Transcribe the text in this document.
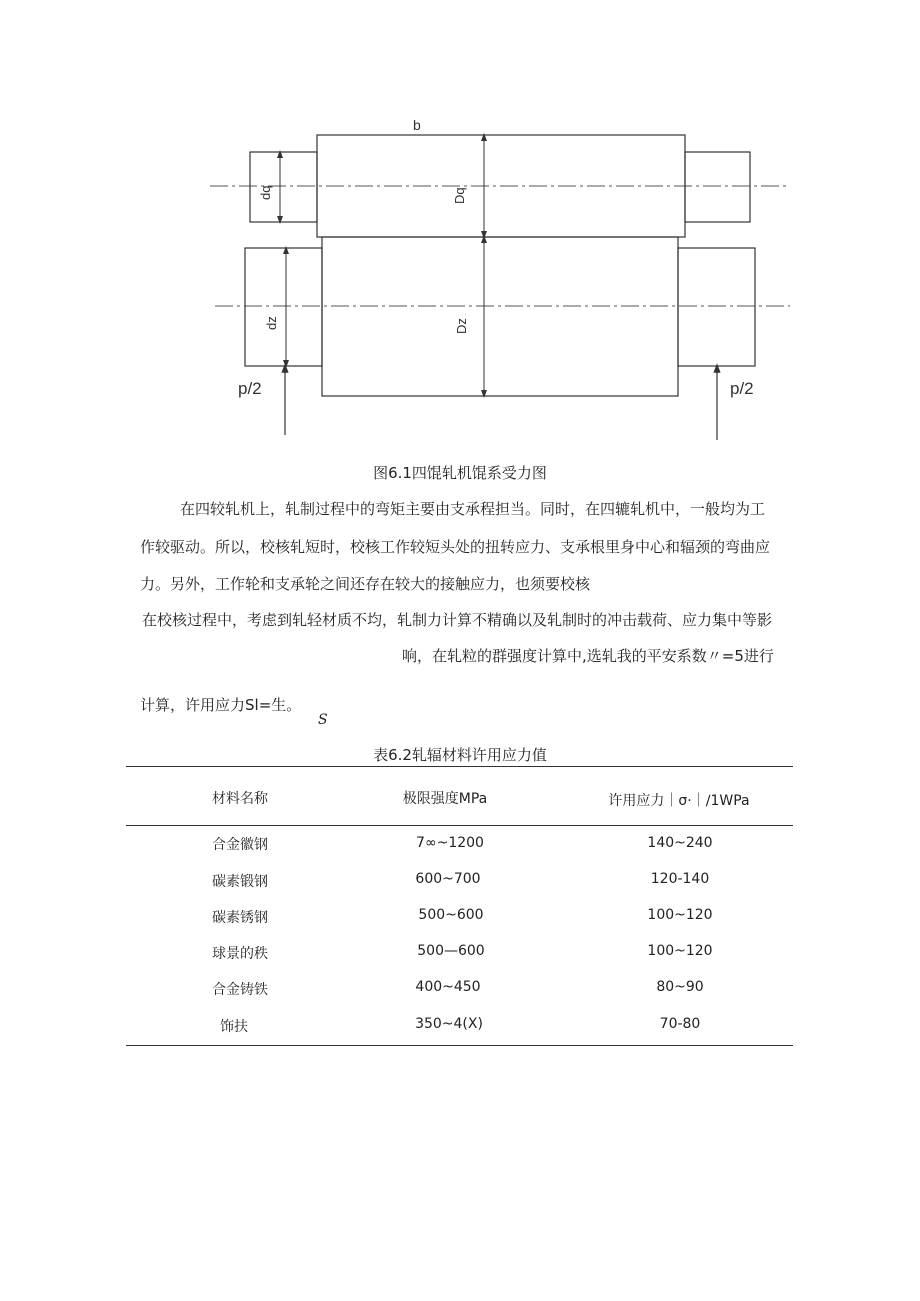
b
dq	Dq
dz	Dz
p/2	p/2
图6.1四馄轧机馄系受力图
在四较轧机上，轧制过程中的弯矩主要由支承程担当。同时，在四辘轧机中，一般均为工
作较驱动。所以，校核轧短时，校核工作较短头处的扭转应力、支承根里身中心和辐颈的弯曲应
力。另外，工作轮和支承轮之间还存在较大的接触应力，也须要校核
在校核过程中，考虑到轧轻材质不均，轧制力计算不精确以及轧制时的冲击载荷、应力集中等影
响，在轧粒的群强度计算中,选轧我的平安系数〃=5进行
计算，许用应力Sl=生。
S
表6.2轧辐材料许用应力值
材料名称	极限强度MPa	许用应力｜σ·｜∕1WPa
合金徽钢	7∞~1200	140~240
碳素锻钢	600~700	120-140
碳素锈钢	500~600	100~120
球景的秩	500—600	100~120
合金铸铁	400~450	80~90
饰扶	350~4(X)	70-80
